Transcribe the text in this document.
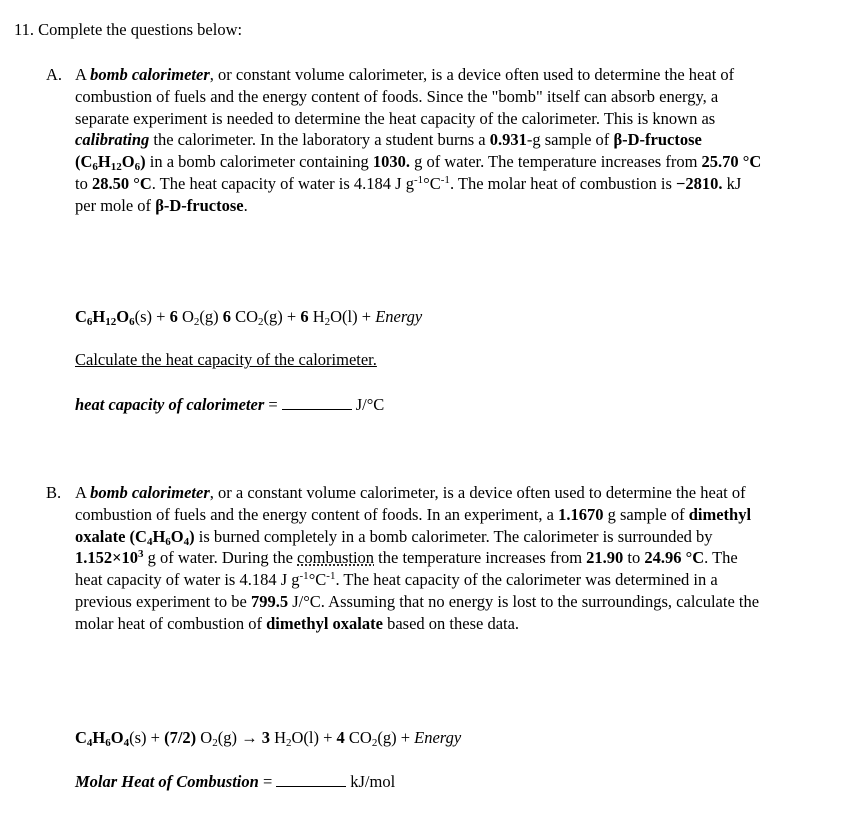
11. Complete the questions below:
A. A bomb calorimeter, or constant volume calorimeter, is a device often used to determine the heat of combustion of fuels and the energy content of foods. Since the "bomb" itself can absorb energy, a separate experiment is needed to determine the heat capacity of the calorimeter. This is known as calibrating the calorimeter. In the laboratory a student burns a 0.931-g sample of β-D-fructose $(C_6H_{12}O_6)$ in a bomb calorimeter containing 1030. g of water. The temperature increases from 25.70 °C to 28.50 °C. The heat capacity of water is 4.184 J $g^{-1}^\circ C^{-1}$. The molar heat of combustion is −2810. kJ per mole of β-D-fructose.
$C_6H_{12}O_6(s) + 6$ $O_2(g)$ 6 $CO_2(g) + 6$ $H_2O(l)$ + Energy
Calculate the heat capacity of the calorimeter.
heat capacity of calorimeter =	J/°C
B. A bomb calorimeter, or a constant volume calorimeter, is a device often used to determine the heat of combustion of fuels and the energy content of foods. In an experiment, a 1.1670 g sample of dimethyl oxalate $(C_4H_6O_4)$ is burned completely in a bomb calorimeter. The calorimeter is surrounded by $1.152\times 10^3$ g of water. During the combustion the temperature increases from 21.90 to 24.96 °C. The heat capacity of water is 4.184 J $g^{-1}^\circ C^{-1}$. The heat capacity of the calorimeter was determined in a previous experiment to be 799.5 J/°C. Assuming that no energy is lost to the surroundings, calculate the molar heat of combustion of dimethyl oxalate based on these data.
$C_4H_6O_4(s) + (7/2) O_2(g) \to 3$ $H_2O(l) + 4$ $CO_2(g)$ + Energy
Molar Heat of Combustion =	kJ/mol
